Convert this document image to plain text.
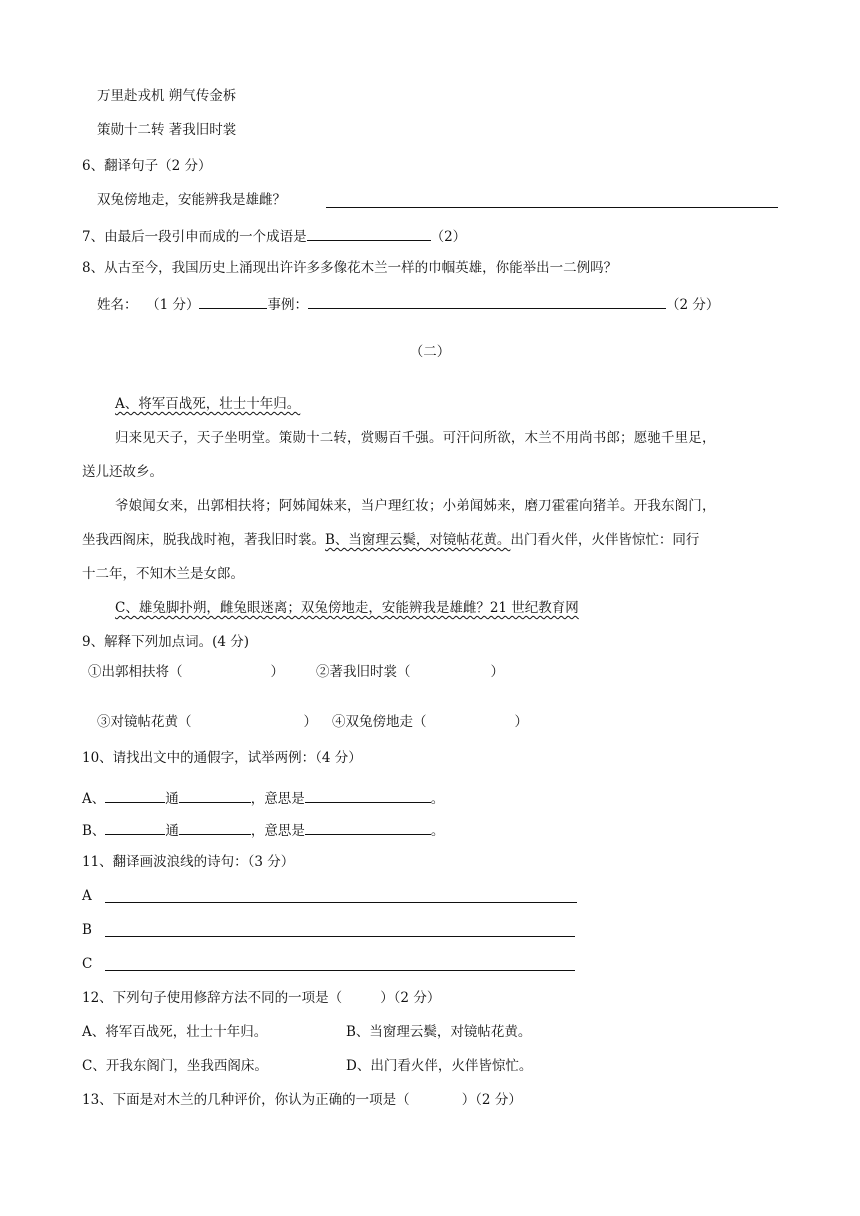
万里赴戎机 朔气传金柝
策勋十二转 著我旧时裳
6、翻译句子（2 分）
双兔傍地走，安能辨我是雄雌？
7、由最后一段引申而成的一个成语是	（2）
8、从古至今，我国历史上涌现出许许多多像花木兰一样的巾帼英雄，你能举出一二例吗？
姓名： （1 分）	事例：	（2 分）
（二）
A、将军百战死，壮士十年归。
归来见天子，天子坐明堂。策勋十二转，赏赐百千强。可汗问所欲，木兰不用尚书郎；愿驰千里足，
送儿还故乡。
爷娘闻女来，出郭相扶将；阿姊闻妹来，当户理红妆；小弟闻姊来，磨刀霍霍向猪羊。开我东阁门，
坐我西阁床，脱我战时袍，著我旧时裳。B、当窗理云鬓，对镜帖花黄。出门看火伴，火伴皆惊忙：同行
十二年，不知木兰是女郎。
C、雄兔脚扑朔，雌兔眼迷离；双兔傍地走，安能辨我是雄雌？21 世纪教育网
9、解释下列加点词。(4 分)
①出郭相扶将（	） ②著我旧时裳（	）
③对镜帖花黄（	） ④双兔傍地走（	）
10、请找出文中的通假字，试举两例：（4 分）
A、	通	，意思是	。
B、	通	，意思是	。
11、翻译画波浪线的诗句：（3 分）
A
B
C
12、下列句子使用修辞方法不同的一项是（	）（2 分）
A、将军百战死，壮士十年归。	B、当窗理云鬓，对镜帖花黄。
C、开我东阁门，坐我西阁床。	D、出门看火伴，火伴皆惊忙。
13、下面是对木兰的几种评价，你认为正确的一项是（	）（2 分）
